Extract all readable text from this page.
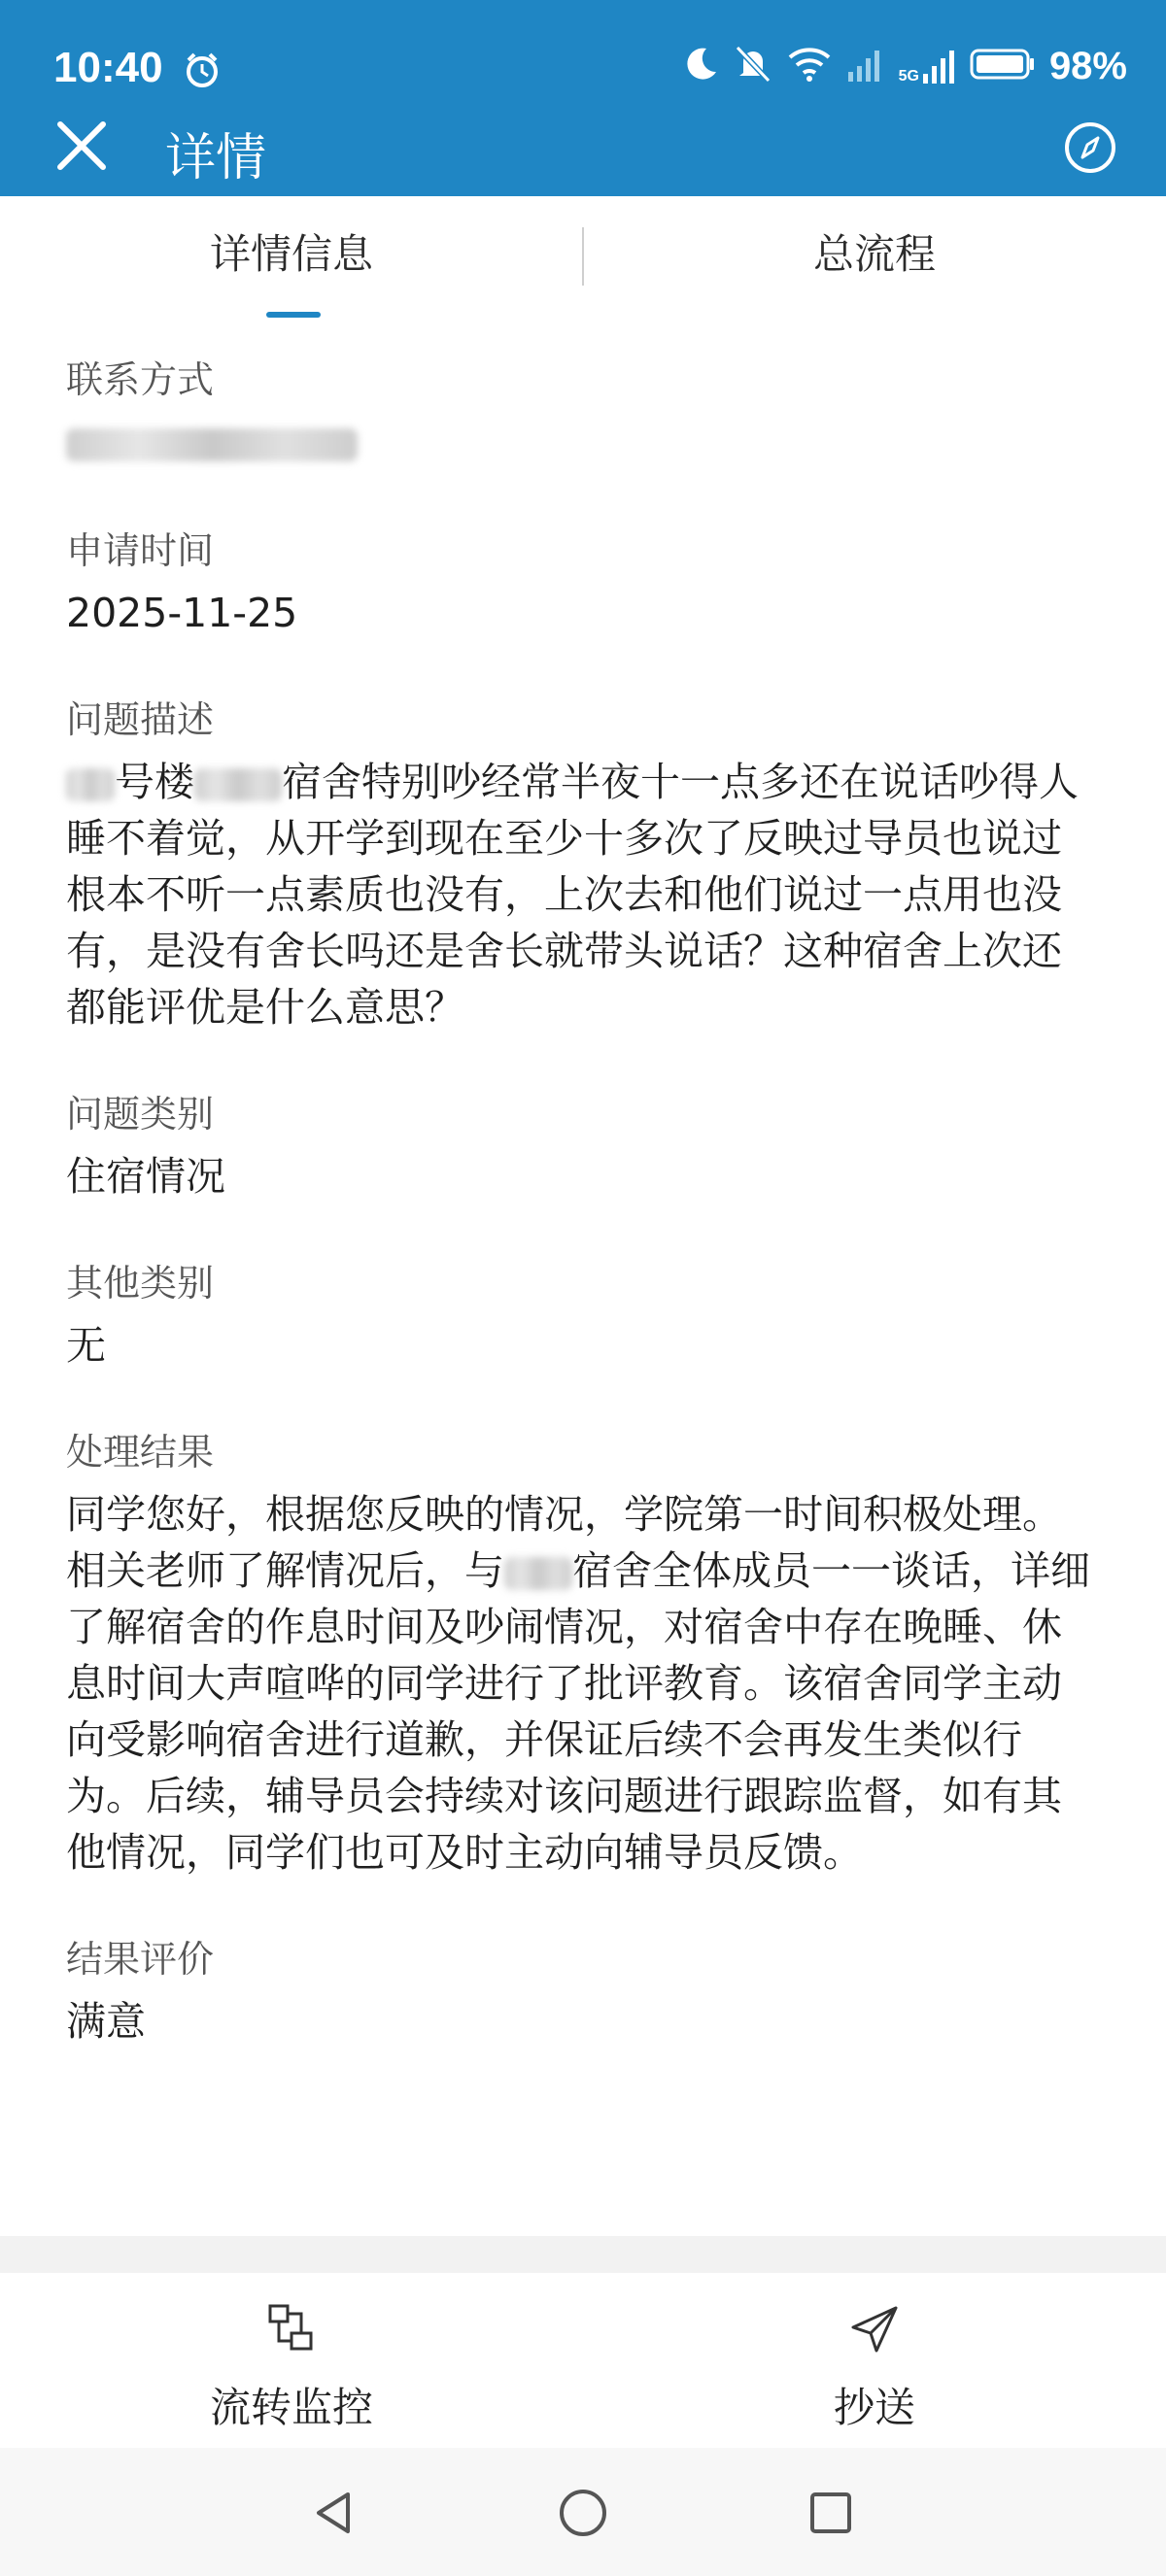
10:40	5G	98%
详情
详情信息	总流程
联系方式
申请时间
2025-11-25
问题描述
号楼 宿舍特别吵经常半夜十一点多还在说话吵得人睡不着觉，从开学到现在至少十多次了反映过导员也说过根本不听一点素质也没有，上次去和他们说过一点用也没有，是没有舍长吗还是舍长就带头说话？这种宿舍上次还都能评优是什么意思？
问题类别
住宿情况
其他类别
无
处理结果
同学您好，根据您反映的情况，学院第一时间积极处理。相关老师了解情况后，与 宿舍全体成员一一谈话，详细了解宿舍的作息时间及吵闹情况，对宿舍中存在晚睡、休息时间大声喧哗的同学进行了批评教育。该宿舍同学主动向受影响宿舍进行道歉，并保证后续不会再发生类似行为。后续，辅导员会持续对该问题进行跟踪监督，如有其他情况，同学们也可及时主动向辅导员反馈。
结果评价
满意
流转监控	抄送
